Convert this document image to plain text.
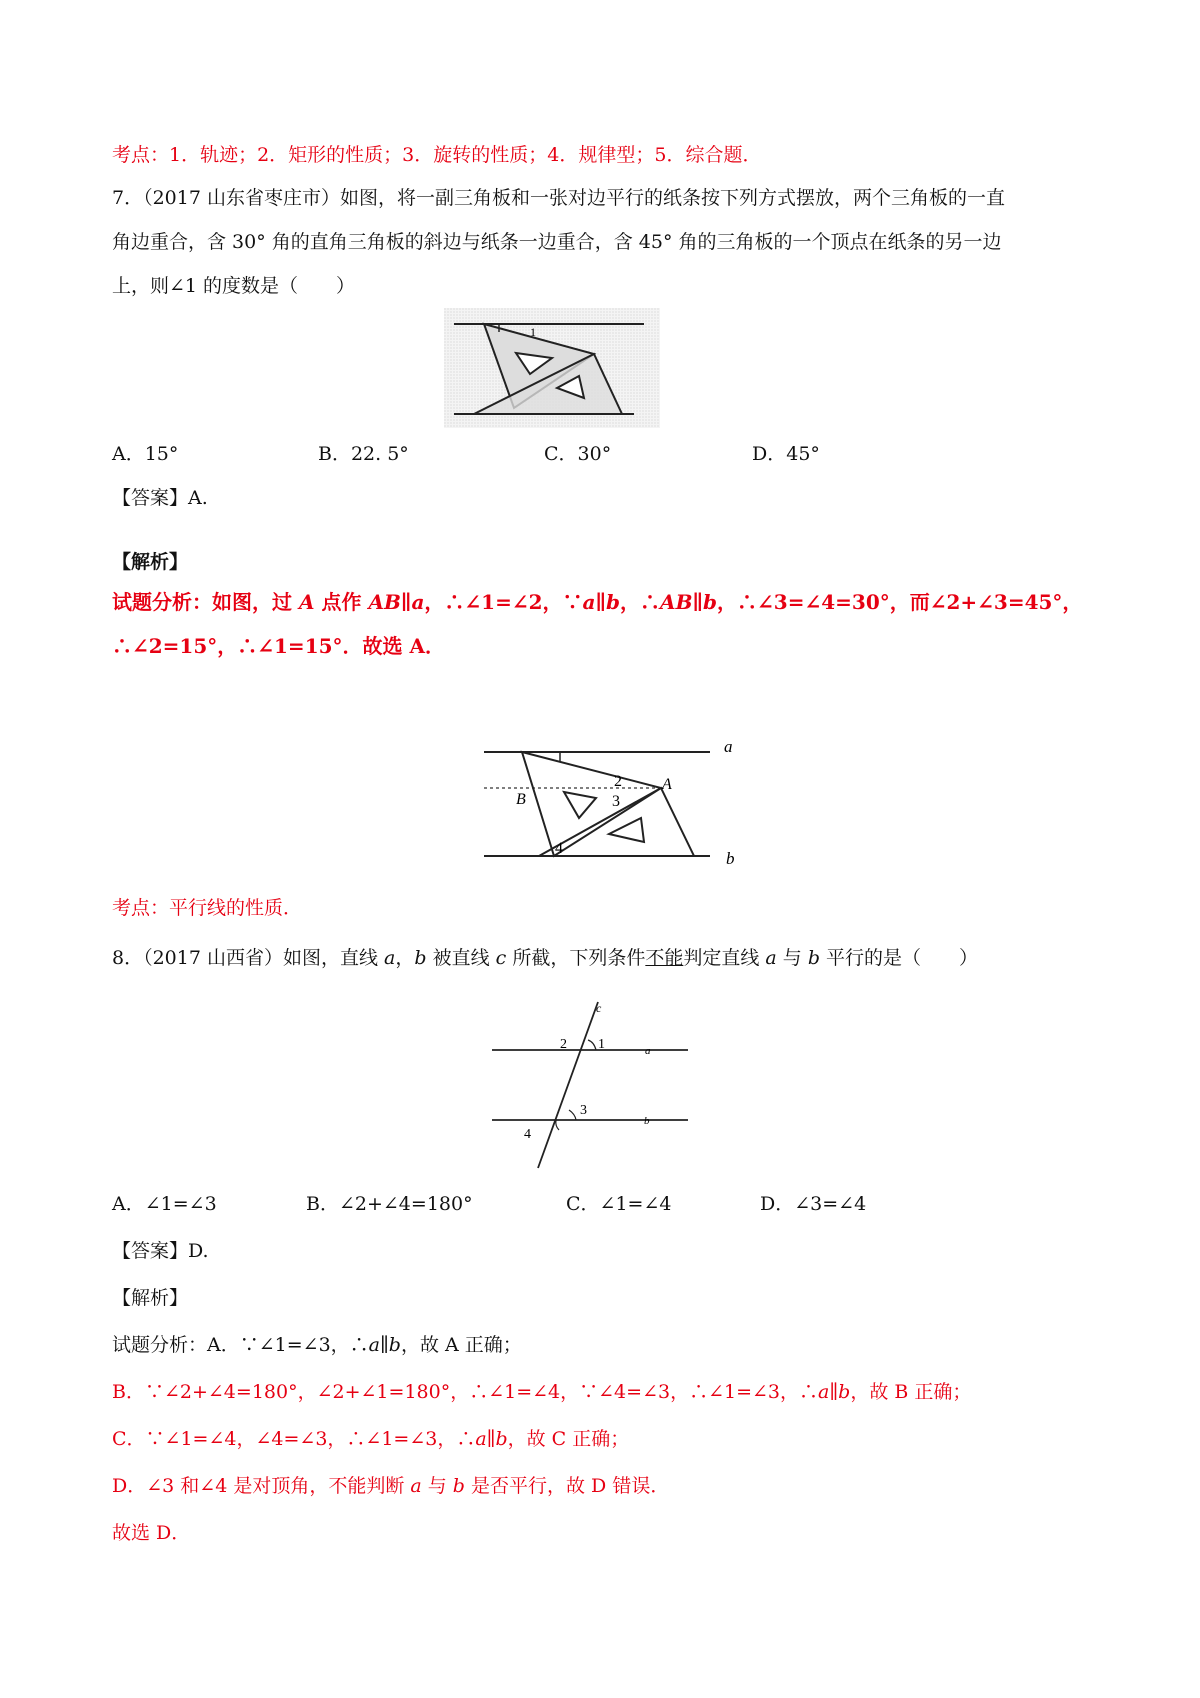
考点：1．轨迹；2．矩形的性质；3．旋转的性质；4．规律型；5．综合题．
7．（2017 山东省枣庄市）如图，将一副三角板和一张对边平行的纸条按下列方式摆放，两个三角板的一直
角边重合，含 30° 角的直角三角板的斜边与纸条一边重合，含 45° 角的三角板的一个顶点在纸条的另一边
上，则∠1 的度数是（　　）
1
A．15°	B．22. 5°	C．30°	D．45°
【答案】A.
【解析】
试题分析：如图，过 A 点作 AB∥a，∴∠1=∠2，∵a∥b，∴AB∥b，∴∠3=∠4=30°，而∠2+∠3=45°，
∴∠2=15°，∴∠1=15°．故选 A．
a
b
2
3
4
A
B
考点：平行线的性质．
8．（2017 山西省）如图，直线 a，b 被直线 c 所截，下列条件不能判定直线 a 与 b 平行的是（　　）
c
2 1	a
3
b
4
A．∠1=∠3	B．∠2+∠4=180°	C．∠1=∠4	D．∠3=∠4
【答案】D.
【解析】
试题分析：A．∵∠1=∠3，∴a∥b，故 A 正确；
B．∵∠2+∠4=180°，∠2+∠1=180°，∴∠1=∠4，∵∠4=∠3，∴∠1=∠3，∴a∥b，故 B 正确；
C．∵∠1=∠4，∠4=∠3，∴∠1=∠3，∴a∥b，故 C 正确；
D．∠3 和∠4 是对顶角，不能判断 a 与 b 是否平行，故 D 错误．
故选 D．
